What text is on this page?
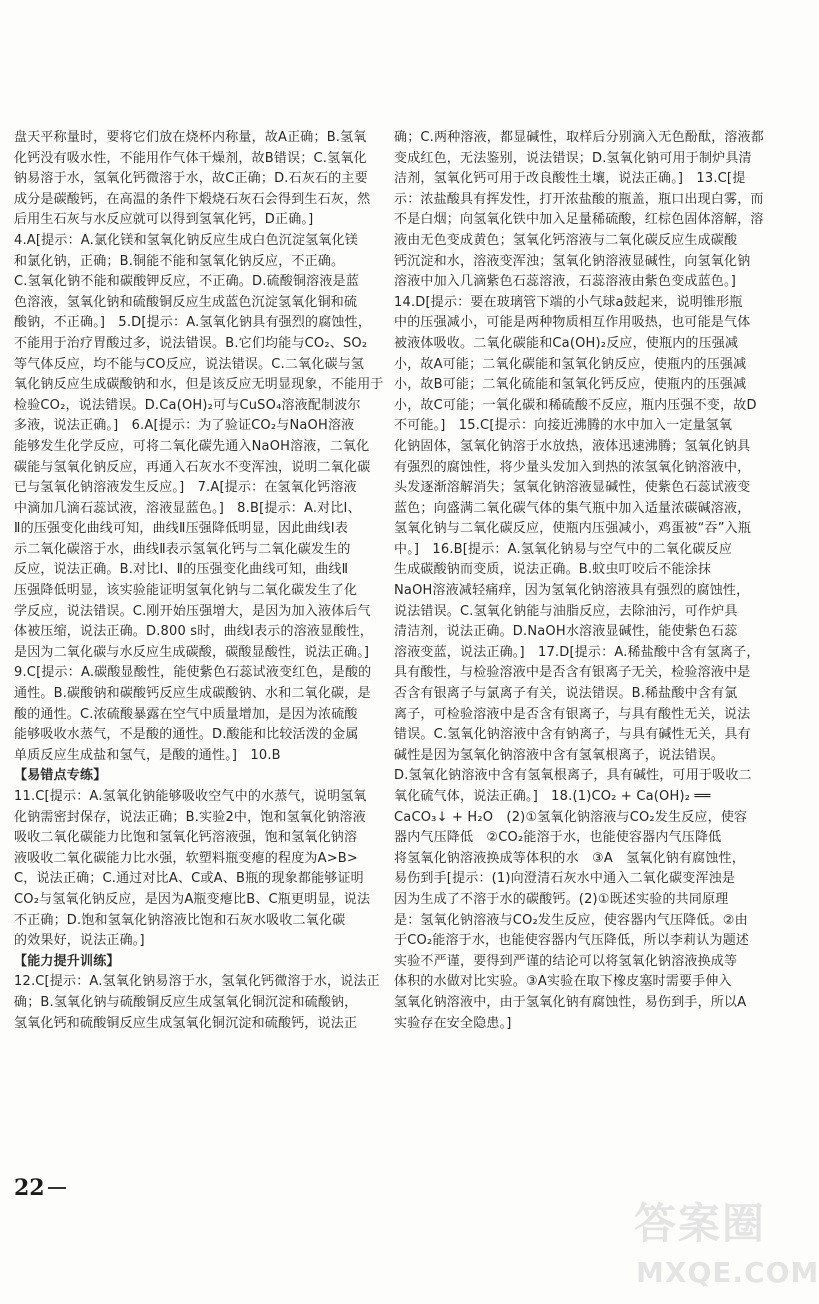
盘天平称量时，要将它们放在烧杯内称量，故A正确；B.氢氧
化钙没有吸水性，不能用作气体干燥剂，故B错误；C.氢氧化
钠易溶于水，氢氧化钙微溶于水，故C正确；D.石灰石的主要
成分是碳酸钙，在高温的条件下煅烧石灰石会得到生石灰，然
后用生石灰与水反应就可以得到氢氧化钙，D正确。]
4.A[提示：A.氯化镁和氢氧化钠反应生成白色沉淀氢氧化镁
和氯化钠，正确；B.铜能不能和氢氧化钠反应，不正确。
C.氢氧化钠不能和碳酸钾反应，不正确。D.硫酸铜溶液是蓝
色溶液，氢氧化钠和硫酸铜反应生成蓝色沉淀氢氧化铜和硫
酸钠，不正确。]　5.D[提示：A.氢氧化钠具有强烈的腐蚀性，
不能用于治疗胃酸过多，说法错误。B.它们均能与CO₂、SO₂
等气体反应，均不能与CO反应，说法错误。C.二氧化碳与氢
氧化钠反应生成碳酸钠和水，但是该反应无明显现象，不能用于
检验CO₂，说法错误。D.Ca(OH)₂可与CuSO₄溶液配制波尔
多液，说法正确。]　6.A[提示：为了验证CO₂与NaOH溶液
能够发生化学反应，可将二氧化碳先通入NaOH溶液，二氧化
碳能与氢氧化钠反应，再通入石灰水不变浑浊，说明二氧化碳
已与氢氧化钠溶液发生反应。]　7.A[提示：在氢氧化钙溶液
中滴加几滴石蕊试液，溶液显蓝色。]　8.B[提示：A.对比Ⅰ、
Ⅱ的压强变化曲线可知，曲线Ⅱ压强降低明显，因此曲线Ⅰ表
示二氧化碳溶于水，曲线Ⅱ表示氢氧化钙与二氧化碳发生的
反应，说法正确。B.对比Ⅰ、Ⅱ的压强变化曲线可知，曲线Ⅱ
压强降低明显，该实验能证明氢氧化钠与二氧化碳发生了化
学反应，说法错误。C.刚开始压强增大，是因为加入液体后气
体被压缩，说法正确。D.800 s时，曲线Ⅰ表示的溶液显酸性，
是因为二氧化碳与水反应生成碳酸，碳酸显酸性，说法正确。]
9.C[提示：A.碳酸显酸性，能使紫色石蕊试液变红色，是酸的
通性。B.碳酸钠和碳酸钙反应生成碳酸钠、水和二氧化碳，是
酸的通性。C.浓硫酸暴露在空气中质量增加，是因为浓硫酸
能够吸收水蒸气，不是酸的通性。D.酸能和比较活泼的金属
单质反应生成盐和氢气，是酸的通性。]　10.B
【易错点专练】
11.C[提示：A.氢氧化钠能够吸收空气中的水蒸气，说明氢氧
化钠需密封保存，说法正确；B.实验2中，饱和氢氧化钠溶液
吸收二氧化碳能力比饱和氢氧化钙溶液强，饱和氢氧化钠溶
液吸收二氧化碳能力比水强，软塑料瓶变瘪的程度为A>B>
C，说法正确；C.通过对比A、C或A、B瓶的现象都能够证明
CO₂与氢氧化钠反应，是因为A瓶变瘪比B、C瓶更明显，说法
不正确；D.饱和氢氧化钠溶液比饱和石灰水吸收二氧化碳
的效果好，说法正确。]
【能力提升训练】
12.C[提示：A.氢氧化钠易溶于水，氢氧化钙微溶于水，说法正
确；B.氢氧化钠与硫酸铜反应生成氢氧化铜沉淀和硫酸钠，
氢氧化钙和硫酸铜反应生成氢氧化铜沉淀和硫酸钙，说法正
确；C.两种溶液，都显碱性，取样后分别滴入无色酚酞，溶液都
变成红色，无法鉴别，说法错误；D.氢氧化钠可用于制炉具清
洁剂，氢氧化钙可用于改良酸性土壤，说法正确。]　13.C[提
示：浓盐酸具有挥发性，打开浓盐酸的瓶盖，瓶口出现白雾，而
不是白烟；向氢氧化铁中加入足量稀硫酸，红棕色固体溶解，溶
液由无色变成黄色；氢氧化钙溶液与二氧化碳反应生成碳酸
钙沉淀和水，溶液变浑浊；氢氧化钠溶液显碱性，向氢氧化钠
溶液中加入几滴紫色石蕊溶液，石蕊溶液由紫色变成蓝色。]
14.D[提示：要在玻璃管下端的小气球a鼓起来，说明锥形瓶
中的压强减小，可能是两种物质相互作用吸热，也可能是气体
被液体吸收。二氧化碳能和Ca(OH)₂反应，使瓶内的压强减
小，故A可能；二氧化碳能和氢氧化钠反应，使瓶内的压强减
小，故B可能；二氧化硫能和氢氧化钙反应，使瓶内的压强减
小，故C可能；一氧化碳和稀硫酸不反应，瓶内压强不变，故D
不可能。]　15.C[提示：向接近沸腾的水中加入一定量氢氧
化钠固体，氢氧化钠溶于水放热，液体迅速沸腾；氢氧化钠具
有强烈的腐蚀性，将少量头发加入到热的浓氢氧化钠溶液中，
头发逐渐溶解消失；氢氧化钠溶液显碱性，使紫色石蕊试液变
蓝色；向盛满二氧化碳气体的集气瓶中加入适量浓碳碱溶液，
氢氧化钠与二氧化碳反应，使瓶内压强减小，鸡蛋被“吞”入瓶
中。]　16.B[提示：A.氢氧化钠易与空气中的二氧化碳反应
生成碳酸钠而变质，说法正确。B.蚊虫叮咬后不能涂抹
NaOH溶液减轻痛痒，因为氢氧化钠溶液具有强烈的腐蚀性，
说法错误。C.氢氧化钠能与油脂反应，去除油污，可作炉具
清洁剂，说法正确。D.NaOH水溶液显碱性，能使紫色石蕊
溶液变蓝，说法正确。]　17.D[提示：A.稀盐酸中含有氢离子，
具有酸性，与检验溶液中是否含有银离子无关，检验溶液中是
否含有银离子与氯离子有关，说法错误。B.稀盐酸中含有氯
离子，可检验溶液中是否含有银离子，与具有酸性无关，说法
错误。C.氢氧化钠溶液中含有钠离子，与具有碱性无关，具有
碱性是因为氢氧化钠溶液中含有氢氧根离子，说法错误。
D.氢氧化钠溶液中含有氢氧根离子，具有碱性，可用于吸收二
氧化硫气体，说法正确。]　18.(1)CO₂ + Ca(OH)₂ ══
CaCO₃↓ + H₂O　(2)①氢氧化钠溶液与CO₂发生反应，使容
器内气压降低　②CO₂能溶于水，也能使容器内气压降低
将氢氧化钠溶液换成等体积的水　③A　氢氧化钠有腐蚀性，
易伤到手[提示：(1)向澄清石灰水中通入二氧化碳变浑浊是
因为生成了不溶于水的碳酸钙。(2)①既述实验的共同原理
是：氢氧化钠溶液与CO₂发生反应，使容器内气压降低。②由
于CO₂能溶于水，也能使容器内气压降低，所以李莉认为题述
实验不严谨，要得到严谨的结论可以将氢氧化钠溶液换成等
体积的水做对比实验。③A实验在取下橡皮塞时需要手伸入
氢氧化钠溶液中，由于氢氧化钠有腐蚀性，易伤到手，所以A
实验存在安全隐患。]
22
答案圈
MXQE.COM
